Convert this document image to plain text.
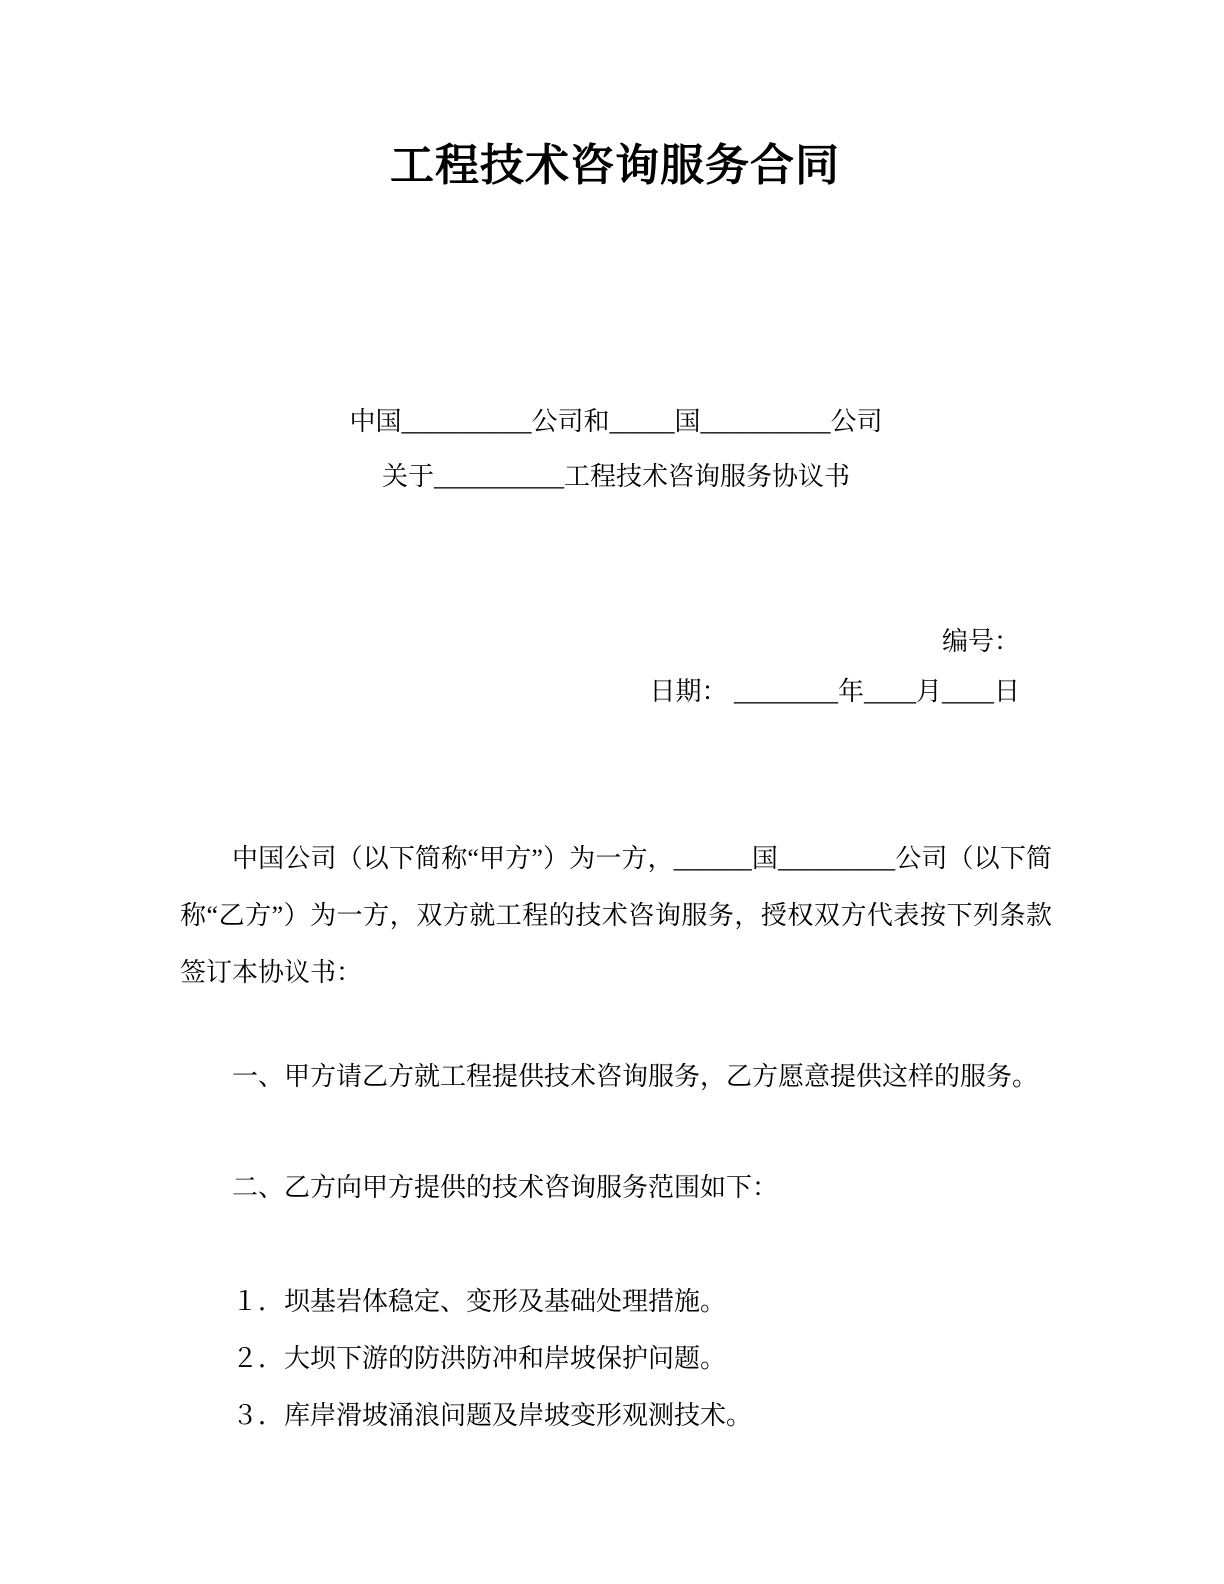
工程技术咨询服务合同
中国__________公司和_____国__________公司
关于__________工程技术咨询服务协议书
编号：
日期： ________年____月____日
中国公司（以下简称“甲方”）为一方，______国_________公司（以下简称“乙方”）为一方，双方就工程的技术咨询服务，授权双方代表按下列条款签订本协议书：
一、甲方请乙方就工程提供技术咨询服务，乙方愿意提供这样的服务。
二、乙方向甲方提供的技术咨询服务范围如下：
１．坝基岩体稳定、变形及基础处理措施。
２．大坝下游的防洪防冲和岸坡保护问题。
３．库岸滑坡涌浪问题及岸坡变形观测技术。
